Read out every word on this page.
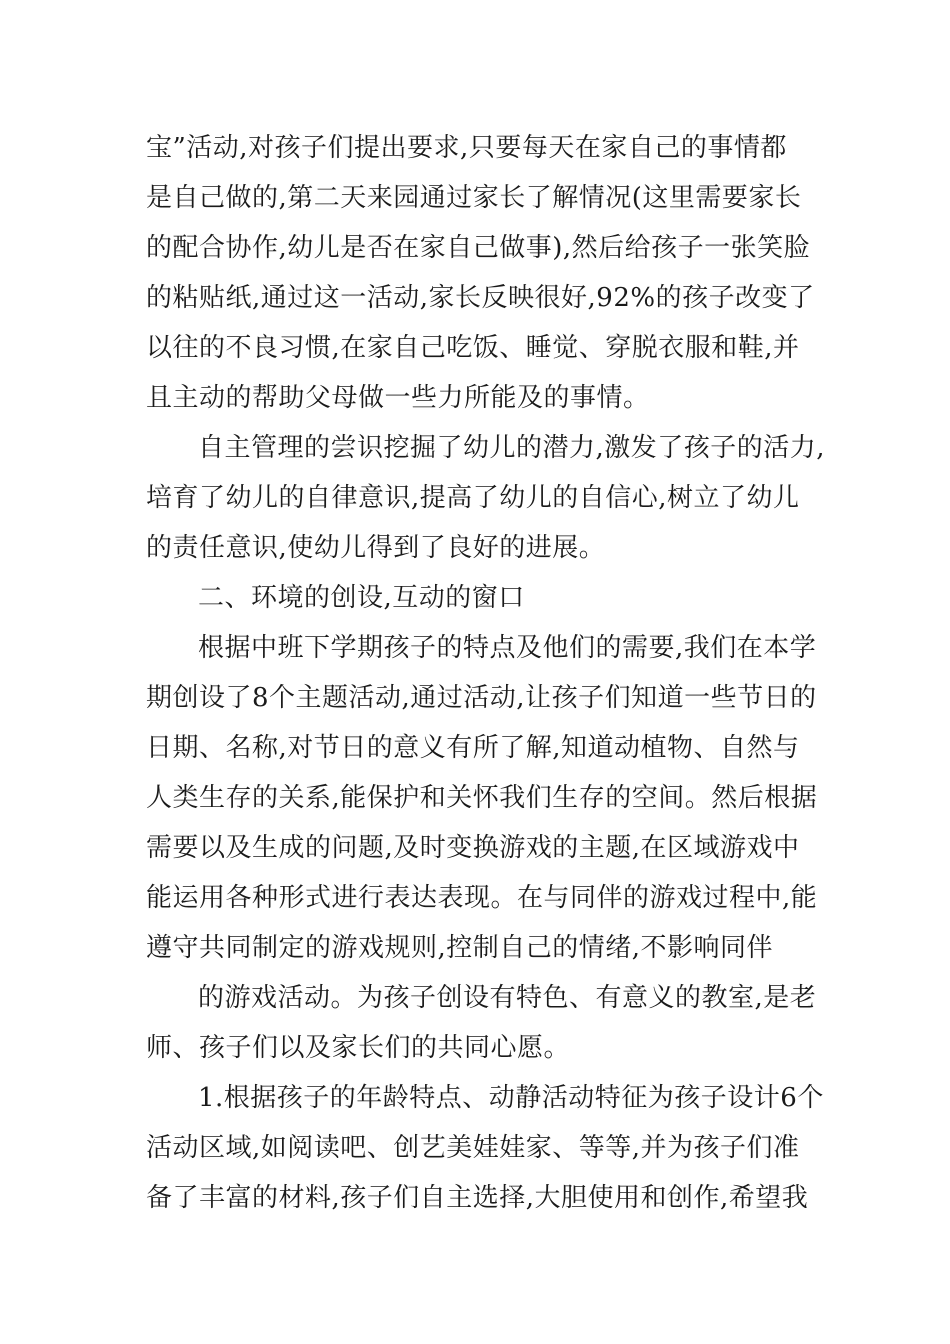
宝”活动,对孩子们提出要求,只要每天在家自己的事情都
是自己做的,第二天来园通过家长了解情况(这里需要家长
的配合协作,幼儿是否在家自己做事),然后给孩子一张笑脸
的粘贴纸,通过这一活动,家长反映很好,92%的孩子改变了
以往的不良习惯,在家自己吃饭、睡觉、穿脱衣服和鞋,并
且主动的帮助父母做一些力所能及的事情。
自主管理的尝识挖掘了幼儿的潜力,激发了孩子的活力,
培育了幼儿的自律意识,提高了幼儿的自信心,树立了幼儿
的责任意识,使幼儿得到了良好的进展。
二、环境的创设,互动的窗口
根据中班下学期孩子的特点及他们的需要,我们在本学
期创设了8个主题活动,通过活动,让孩子们知道一些节日的
日期、名称,对节日的意义有所了解,知道动植物、自然与
人类生存的关系,能保护和关怀我们生存的空间。然后根据
需要以及生成的问题,及时变换游戏的主题,在区域游戏中
能运用各种形式进行表达表现。在与同伴的游戏过程中,能
遵守共同制定的游戏规则,控制自己的情绪,不影响同伴
的游戏活动。为孩子创设有特色、有意义的教室,是老
师、孩子们以及家长们的共同心愿。
1.根据孩子的年龄特点、动静活动特征为孩子设计6个
活动区域,如阅读吧、创艺美娃娃家、等等,并为孩子们准
备了丰富的材料,孩子们自主选择,大胆使用和创作,希望我
